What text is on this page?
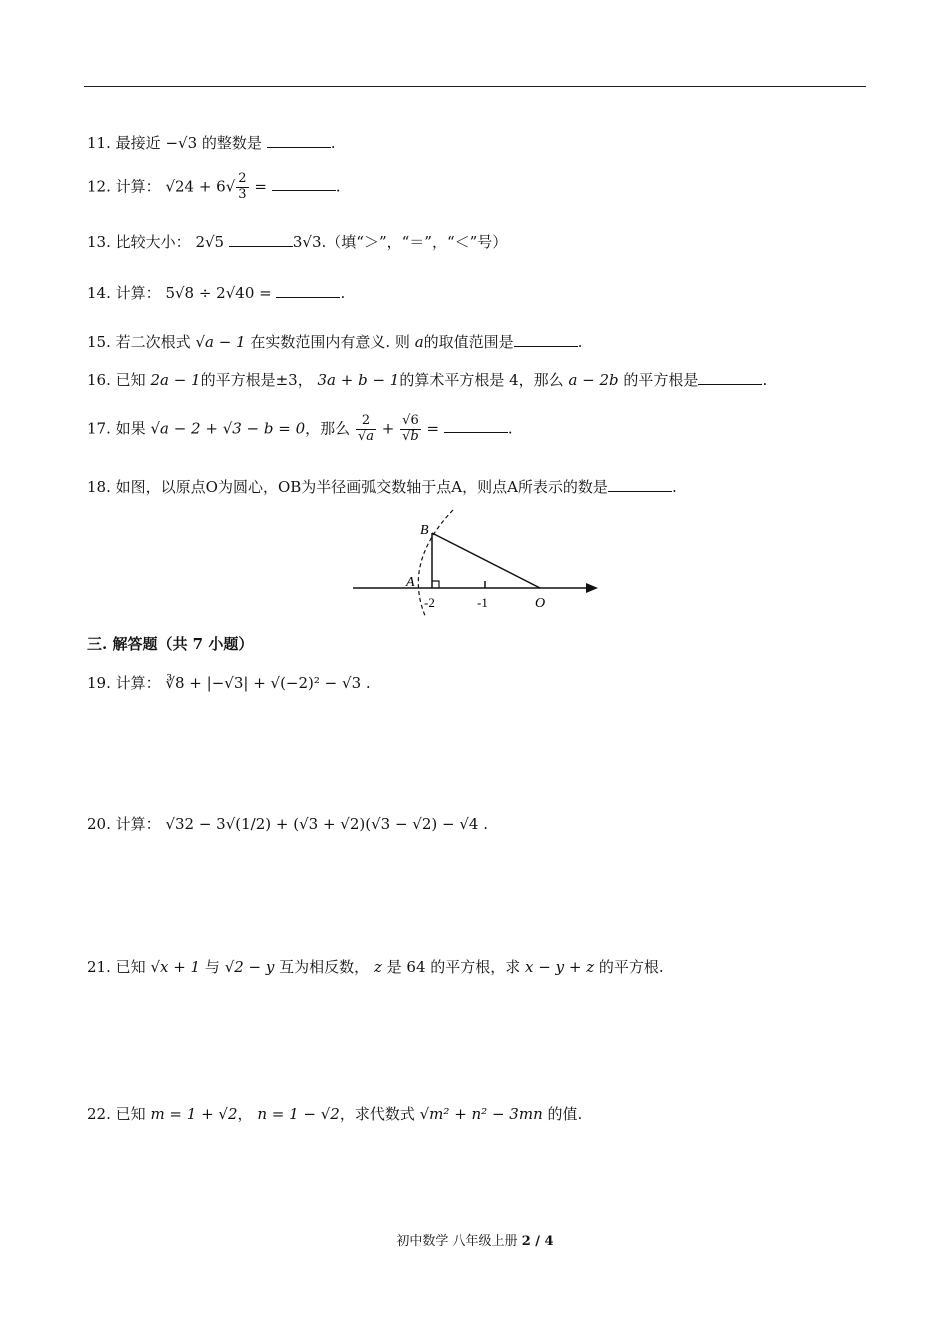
11. 最接近 −√3 的整数是	.
12. 计算： $√24 + 6√ \frac{2}{3}$ =	.
13. 比较大小： 2√5	3√3.（填“＞”，“＝”，“＜”号）
14. 计算： 5√8 ÷ 2√40 =	.
15. 若二次根式 √a − 1 在实数范围内有意义. 则 a的取值范围是	.
16. 已知 2a − 1的平方根是±3， 3a + b − 1的算术平方根是 4，那么 a − 2b 的平方根是	.
17. 如果 √a − 2 + √3 − b = 0，那么 $\frac{2}{√a} + \frac{√6}{√b}$ =	.
18. 如图，以原点O为圆心，OB为半径画弧交数轴于点A，则点A所表示的数是	.
B
A
-2	-1	O
三. 解答题（共 7 小题）
19. 计算： ∛8 + |−√3| + √(−2)² − √3 .
20. 计算： √32 − 3√(1/2) + (√3 + √2)(√3 − √2) − √4 .
21. 已知 √x + 1 与 √2 − y 互为相反数， z 是 64 的平方根，求 x − y + z 的平方根.
22. 已知 m = 1 + √2， n = 1 − √2，求代数式 √m² + n² − 3mn 的值.
初中数学 八年级上册 2 / 4
